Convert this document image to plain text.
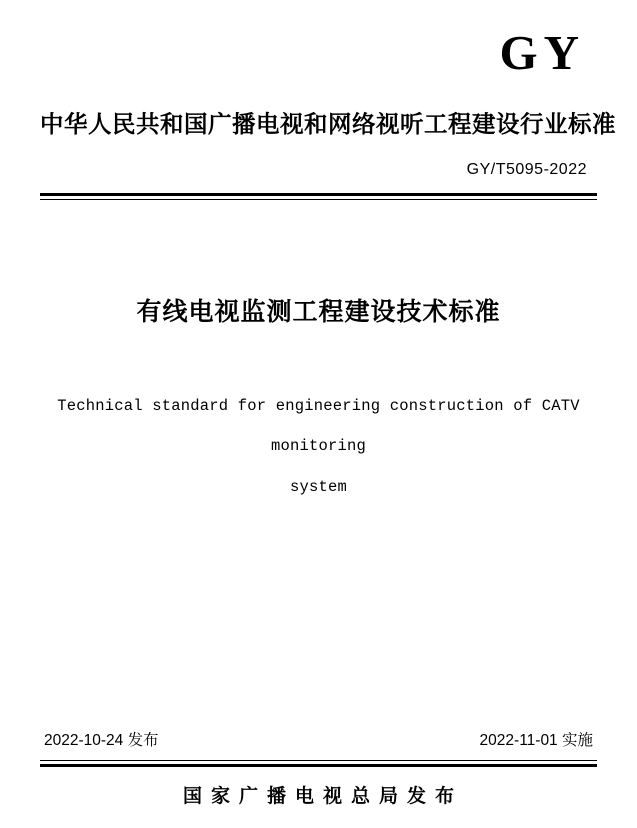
GY
中华人民共和国广播电视和网络视听工程建设行业标准
GY/T5095-2022
有线电视监测工程建设技术标准
Technical standard for engineering construction of CATV monitoring
system
2022-10-24 发布	2022-11-01 实施
国家广播电视总局发布
